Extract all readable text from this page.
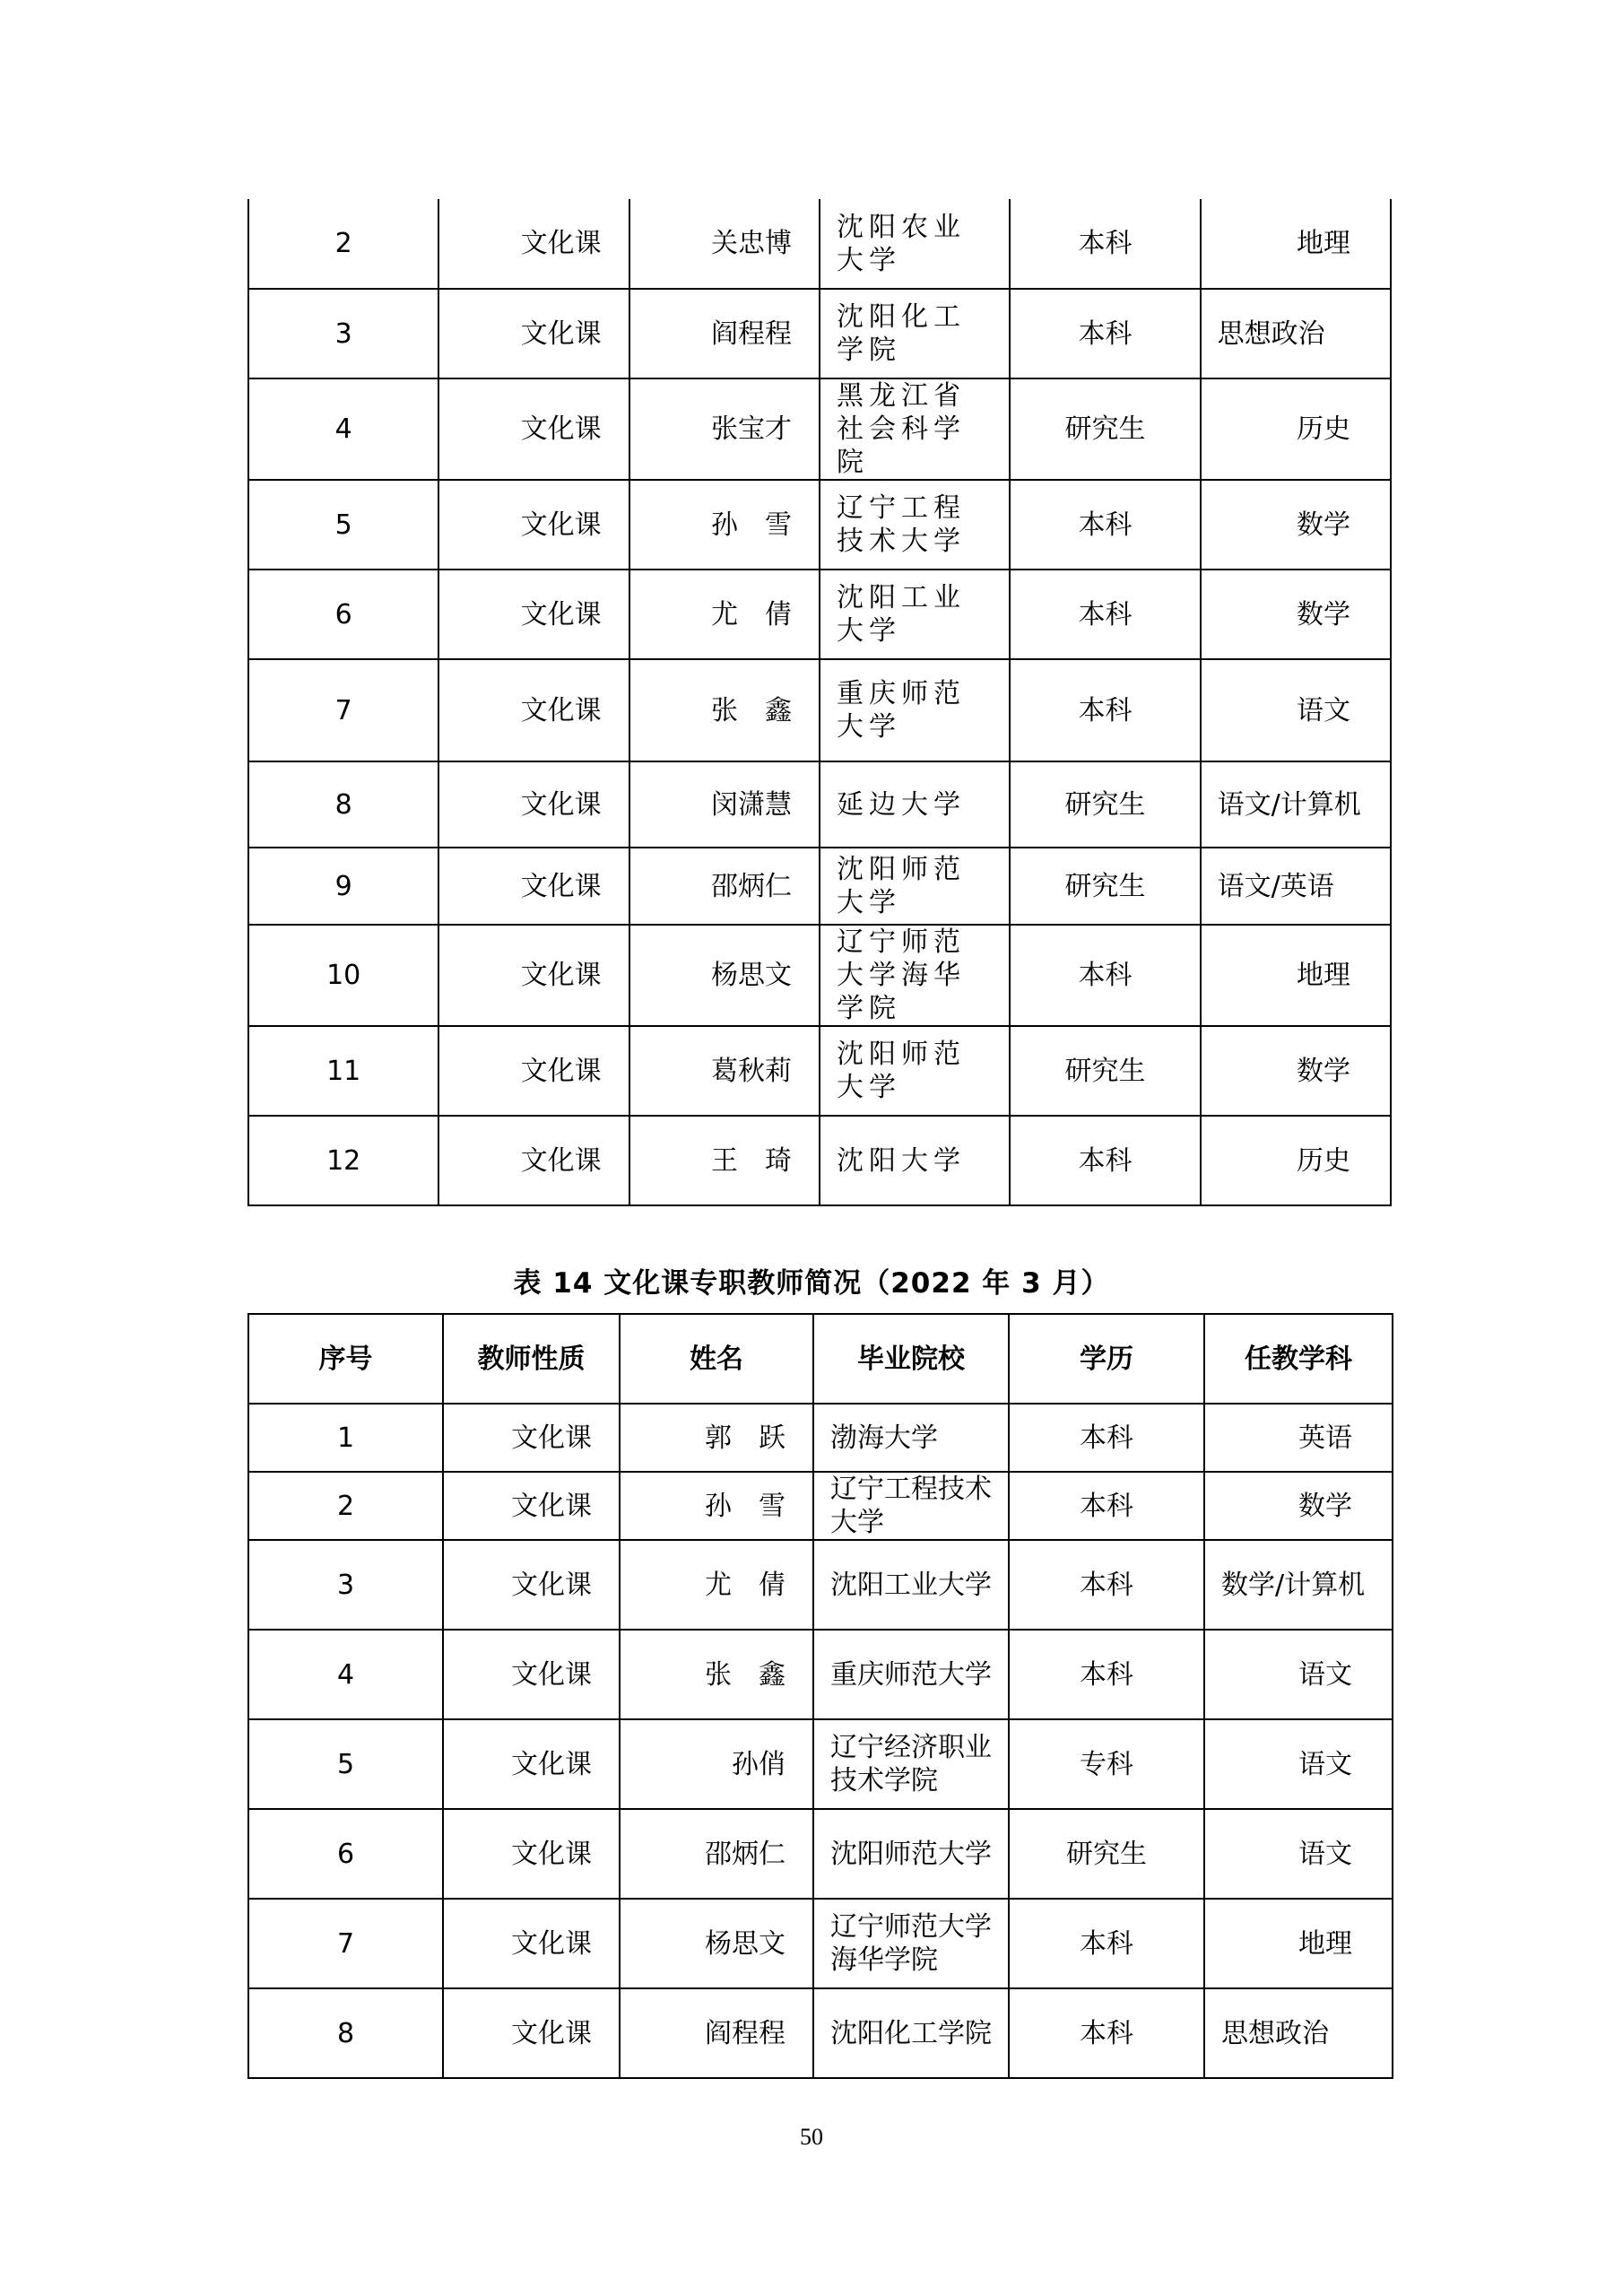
2	文化课	关忠博	沈阳农业大学	本科	地理
3	文化课	阎程程	沈阳化工学院	本科	思想政治
4	文化课	张宝才	黑龙江省社会科学院	研究生	历史
5	文化课	孙　雪	辽宁工程技术大学	本科	数学
6	文化课	尤　倩	沈阳工业大学	本科	数学
7	文化课	张　鑫	重庆师范大学	本科	语文
8	文化课	闵潇慧	延边大学	研究生	语文/计算机
9	文化课	邵炳仁	沈阳师范大学	研究生	语文/英语
10	文化课	杨思文	辽宁师范大学海华学院	本科	地理
11	文化课	葛秋莉	沈阳师范大学	研究生	数学
12	文化课	王　琦	沈阳大学	本科	历史
表 14 文化课专职教师简况（2022 年 3 月）
序号	教师性质	姓名	毕业院校	学历	任教学科
1	文化课	郭　跃	渤海大学	本科	英语
2	文化课	孙　雪	辽宁工程技术大学	本科	数学
3	文化课	尤　倩	沈阳工业大学	本科	数学/计算机
4	文化课	张　鑫	重庆师范大学	本科	语文
5	文化课	孙俏	辽宁经济职业技术学院	专科	语文
6	文化课	邵炳仁	沈阳师范大学	研究生	语文
7	文化课	杨思文	辽宁师范大学海华学院	本科	地理
8	文化课	阎程程	沈阳化工学院	本科	思想政治
50
